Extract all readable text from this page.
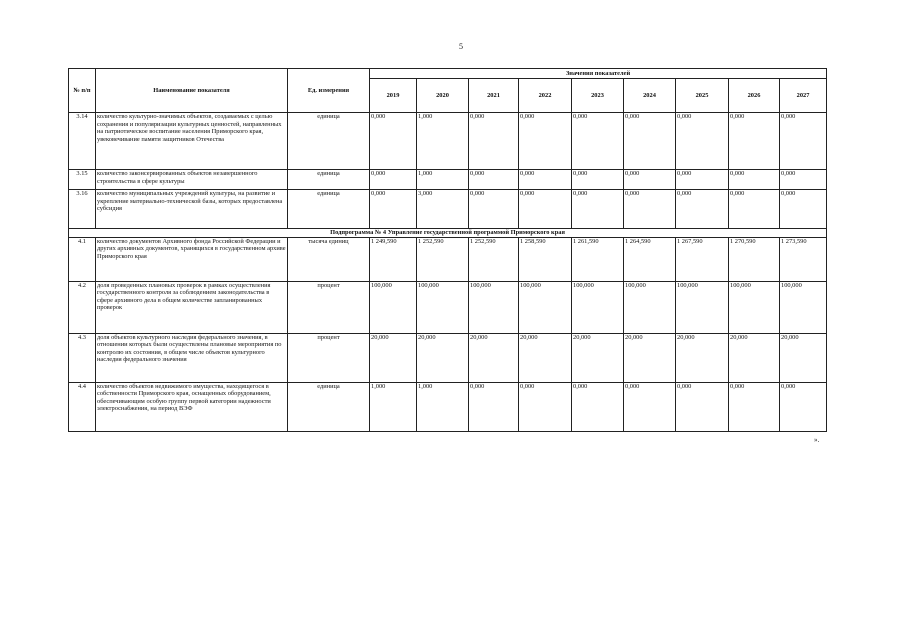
5
№ п/п	Наименование показателя	Ед. измерения	Значения показателей								
			2019	2020	2021	2022	2023	2024	2025	2026	2027
3.14	количество культурно-значимых объектов, создаваемых с целью сохранения и популяризации культурных ценностей, направленных на патриотическое воспитание населения Приморского края, увековечивание памяти защитников Отечества	единица	0,000	1,000	0,000	0,000	0,000	0,000	0,000	0,000	0,000
3.15	количество законсервированных объектов незавершенного строительства в сфере культуры	единица	0,000	1,000	0,000	0,000	0,000	0,000	0,000	0,000	0,000
3.16	количество муниципальных учреждений культуры, на развитие и укрепление материально-технической базы, которых предоставлена субсидия	единица	0,000	3,000	0,000	0,000	0,000	0,000	0,000	0,000	0,000
Подпрограмма № 4 Управление государственной программой Приморского края											
4.1	количество документов Архивного фонда Российской Федерации и других архивных документов, хранящихся в государственном архиве Приморского края	тысяча единиц	1 249,590	1 252,590	1 252,590	1 258,590	1 261,590	1 264,590	1 267,590	1 270,590	1 273,590
4.2	доля проведенных плановых проверок в рамках осуществления государственного контроля за соблюдением законодательства в сфере архивного дела в общем количестве запланированных проверок	процент	100,000	100,000	100,000	100,000	100,000	100,000	100,000	100,000	100,000
4.3	доля объектов культурного наследия федерального значения, в отношении которых были осуществлены плановые мероприятия по контролю их состояния, в общем числе объектов культурного наследия федерального значения	процент	20,000	20,000	20,000	20,000	20,000	20,000	20,000	20,000	20,000
4.4	количество объектов недвижимого имущества, находящегося в собственности Приморского края, оснащенных оборудованием, обеспечивающим особую группу первой категории надежности электроснабжения, на период ВЭФ	единица	1,000	1,000	0,000	0,000	0,000	0,000	0,000	0,000	0,000
».
